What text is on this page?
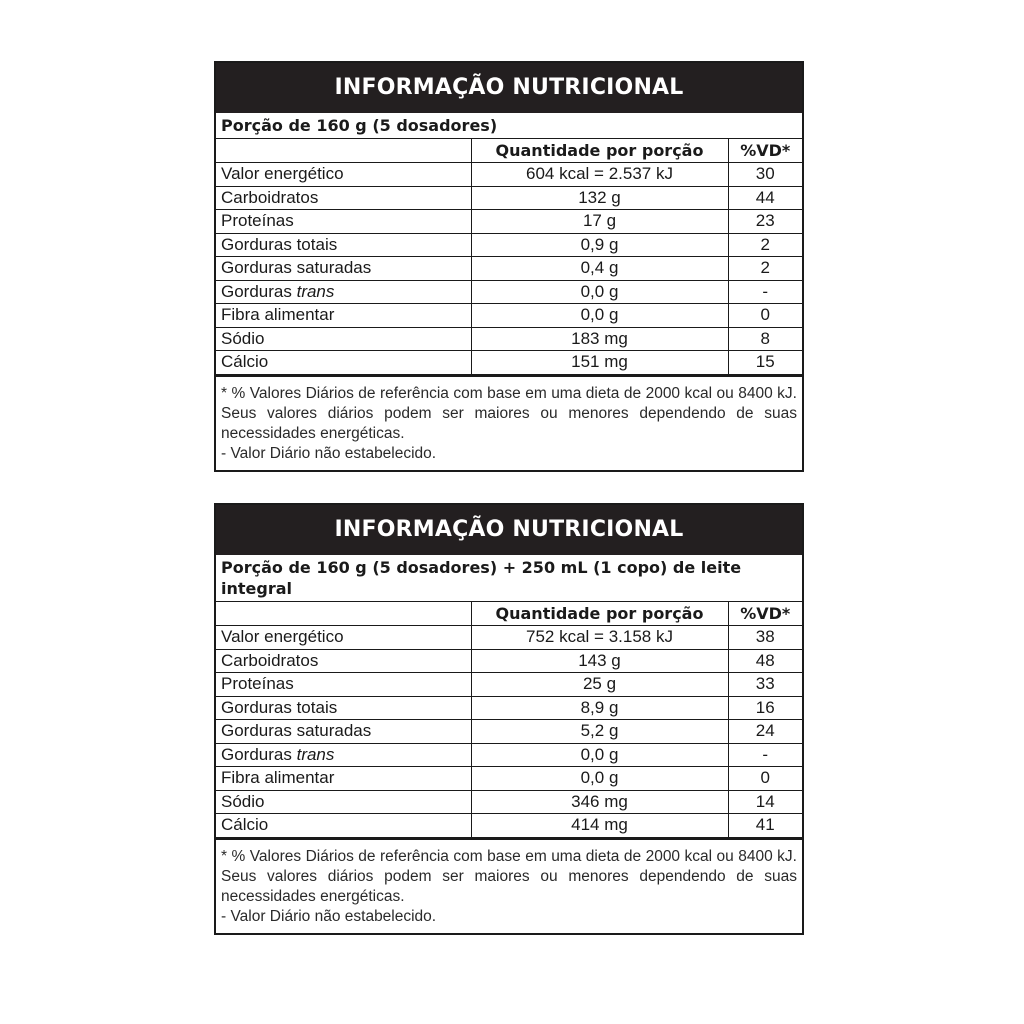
INFORMAÇÃO NUTRICIONAL
Porção de 160 g (5 dosadores)
	Quantidade por porção	%VD*
Valor energético	604 kcal = 2.537 kJ	30
Carboidratos	132 g	44
Proteínas	17 g	23
Gorduras totais	0,9 g	2
Gorduras saturadas	0,4 g	2
Gorduras trans	0,0 g	-
Fibra alimentar	0,0 g	0
Sódio	183 mg	8
Cálcio	151 mg	15

* % Valores Diários de referência com base em uma dieta de 2000 kcal ou 8400 kJ. Seus valores diários podem ser maiores ou menores dependendo de suas necessidades energéticas.

- Valor Diário não estabelecido.
INFORMAÇÃO NUTRICIONAL
Porção de 160 g (5 dosadores) + 250 mL (1 copo) de leite integral
	Quantidade por porção	%VD*
Valor energético	752 kcal = 3.158 kJ	38
Carboidratos	143 g	48
Proteínas	25 g	33
Gorduras totais	8,9 g	16
Gorduras saturadas	5,2 g	24
Gorduras trans	0,0 g	-
Fibra alimentar	0,0 g	0
Sódio	346 mg	14
Cálcio	414 mg	41

* % Valores Diários de referência com base em uma dieta de 2000 kcal ou 8400 kJ. Seus valores diários podem ser maiores ou menores dependendo de suas necessidades energéticas.

- Valor Diário não estabelecido.
